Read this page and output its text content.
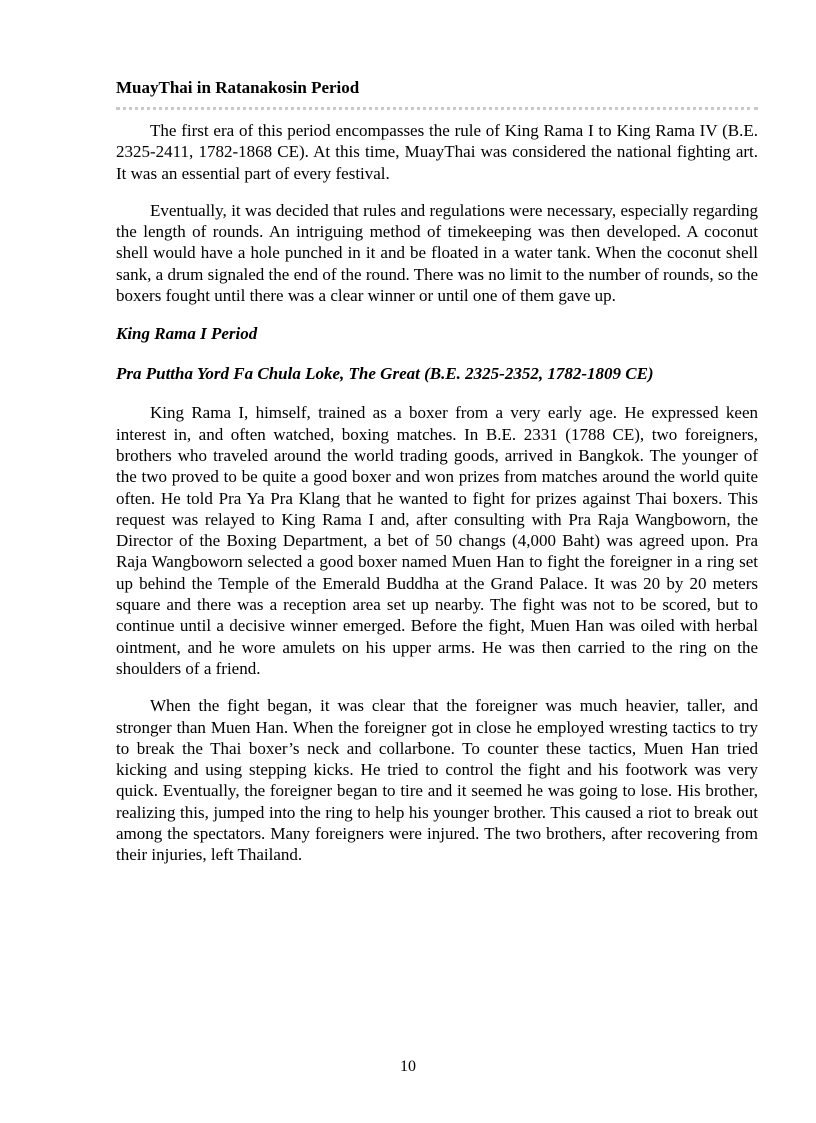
MuayThai in Ratanakosin Period

The first era of this period encompasses the rule of King Rama I to King Rama IV (B.E. 2325-2411, 1782-1868 CE). At this time, MuayThai was considered the national fighting art. It was an essential part of every festival.

Eventually, it was decided that rules and regulations were necessary, especially regarding the length of rounds. An intriguing method of timekeeping was then developed. A coconut shell would have a hole punched in it and be floated in a water tank. When the coconut shell sank, a drum signaled the end of the round. There was no limit to the number of rounds, so the boxers fought until there was a clear winner or until one of them gave up.

King Rama I Period

Pra Puttha Yord Fa Chula Loke, The Great (B.E. 2325-2352, 1782-1809 CE)

King Rama I, himself, trained as a boxer from a very early age. He expressed keen interest in, and often watched, boxing matches. In B.E. 2331 (1788 CE), two foreigners, brothers who traveled around the world trading goods, arrived in Bangkok. The younger of the two proved to be quite a good boxer and won prizes from matches around the world quite often. He told Pra Ya Pra Klang that he wanted to fight for prizes against Thai boxers. This request was relayed to King Rama I and, after consulting with Pra Raja Wangboworn, the Director of the Boxing Department, a bet of 50 changs (4,000 Baht) was agreed upon. Pra Raja Wangboworn selected a good boxer named Muen Han to fight the foreigner in a ring set up behind the Temple of the Emerald Buddha at the Grand Palace. It was 20 by 20 meters square and there was a reception area set up nearby. The fight was not to be scored, but to continue until a decisive winner emerged. Before the fight, Muen Han was oiled with herbal ointment, and he wore amulets on his upper arms. He was then carried to the ring on the shoulders of a friend.

When the fight began, it was clear that the foreigner was much heavier, taller, and stronger than Muen Han. When the foreigner got in close he employed wresting tactics to try to break the Thai boxer’s neck and collarbone. To counter these tactics, Muen Han tried kicking and using stepping kicks. He tried to control the fight and his footwork was very quick. Eventually, the foreigner began to tire and it seemed he was going to lose. His brother, realizing this, jumped into the ring to help his younger brother. This caused a riot to break out among the spectators. Many foreigners were injured. The two brothers, after recovering from their injuries, left Thailand.

10
